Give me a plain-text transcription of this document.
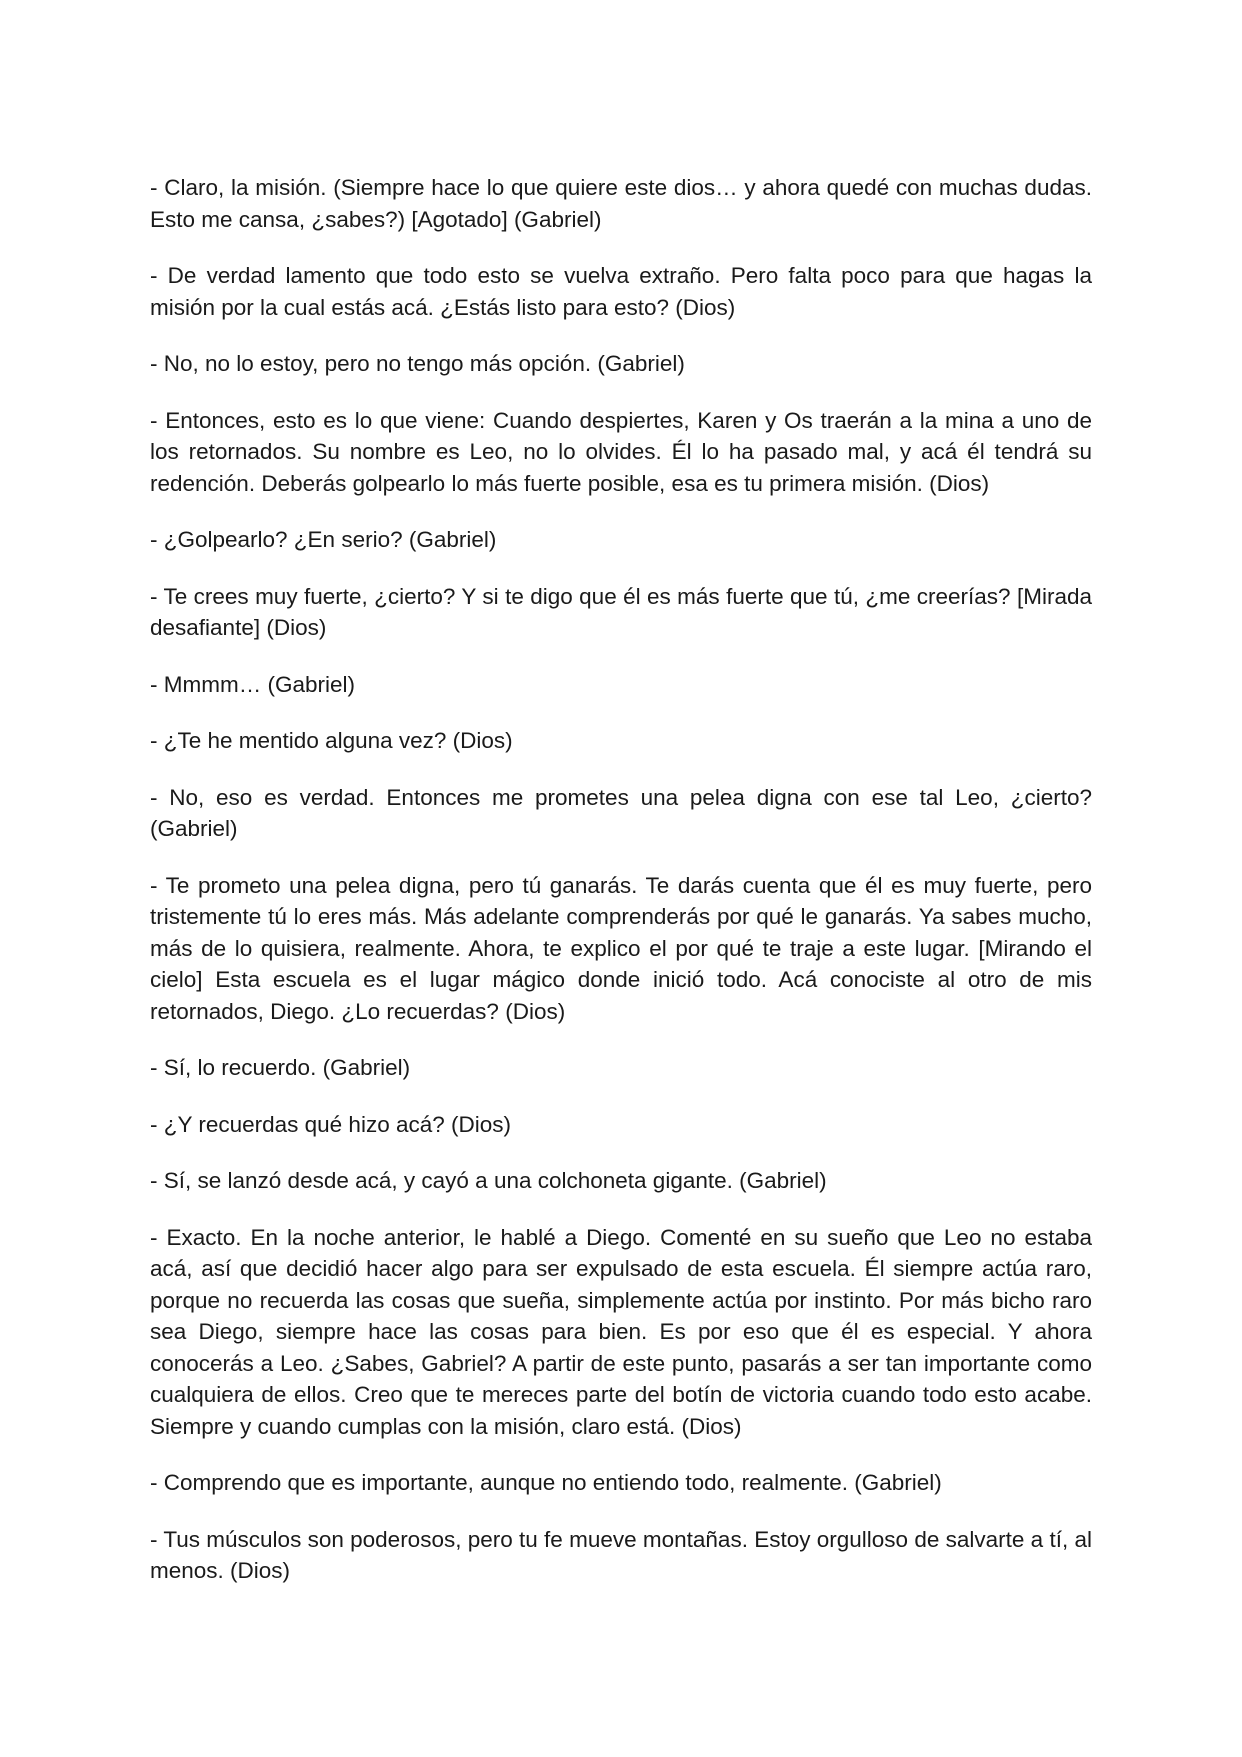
- Claro, la misión. (Siempre hace lo que quiere este dios… y ahora quedé con muchas dudas. Esto me cansa, ¿sabes?) [Agotado] (Gabriel)

- De verdad lamento que todo esto se vuelva extraño. Pero falta poco para que hagas la misión por la cual estás acá. ¿Estás listo para esto? (Dios)

- No, no lo estoy, pero no tengo más opción. (Gabriel)

- Entonces, esto es lo que viene: Cuando despiertes, Karen y Os traerán a la mina a uno de los retornados. Su nombre es Leo, no lo olvides. Él lo ha pasado mal, y acá él tendrá su redención. Deberás golpearlo lo más fuerte posible, esa es tu primera misión. (Dios)

- ¿Golpearlo? ¿En serio? (Gabriel)

- Te crees muy fuerte, ¿cierto? Y si te digo que él es más fuerte que tú, ¿me creerías? [Mirada desafiante] (Dios)

- Mmmm… (Gabriel)

- ¿Te he mentido alguna vez? (Dios)

- No, eso es verdad. Entonces me prometes una pelea digna con ese tal Leo, ¿cierto? (Gabriel)

- Te prometo una pelea digna, pero tú ganarás. Te darás cuenta que él es muy fuerte, pero tristemente tú lo eres más. Más adelante comprenderás por qué le ganarás. Ya sabes mucho, más de lo quisiera, realmente. Ahora, te explico el por qué te traje a este lugar. [Mirando el cielo] Esta escuela es el lugar mágico donde inició todo. Acá conociste al otro de mis retornados, Diego. ¿Lo recuerdas? (Dios)

- Sí, lo recuerdo. (Gabriel)

- ¿Y recuerdas qué hizo acá? (Dios)

- Sí, se lanzó desde acá, y cayó a una colchoneta gigante. (Gabriel)

- Exacto. En la noche anterior, le hablé a Diego. Comenté en su sueño que Leo no estaba acá, así que decidió hacer algo para ser expulsado de esta escuela. Él siempre actúa raro, porque no recuerda las cosas que sueña, simplemente actúa por instinto. Por más bicho raro sea Diego, siempre hace las cosas para bien. Es por eso que él es especial. Y ahora conocerás a Leo. ¿Sabes, Gabriel? A partir de este punto, pasarás a ser tan importante como cualquiera de ellos. Creo que te mereces parte del botín de victoria cuando todo esto acabe. Siempre y cuando cumplas con la misión, claro está. (Dios)

- Comprendo que es importante, aunque no entiendo todo, realmente. (Gabriel)

- Tus músculos son poderosos, pero tu fe mueve montañas. Estoy orgulloso de salvarte a tí, al menos. (Dios)
